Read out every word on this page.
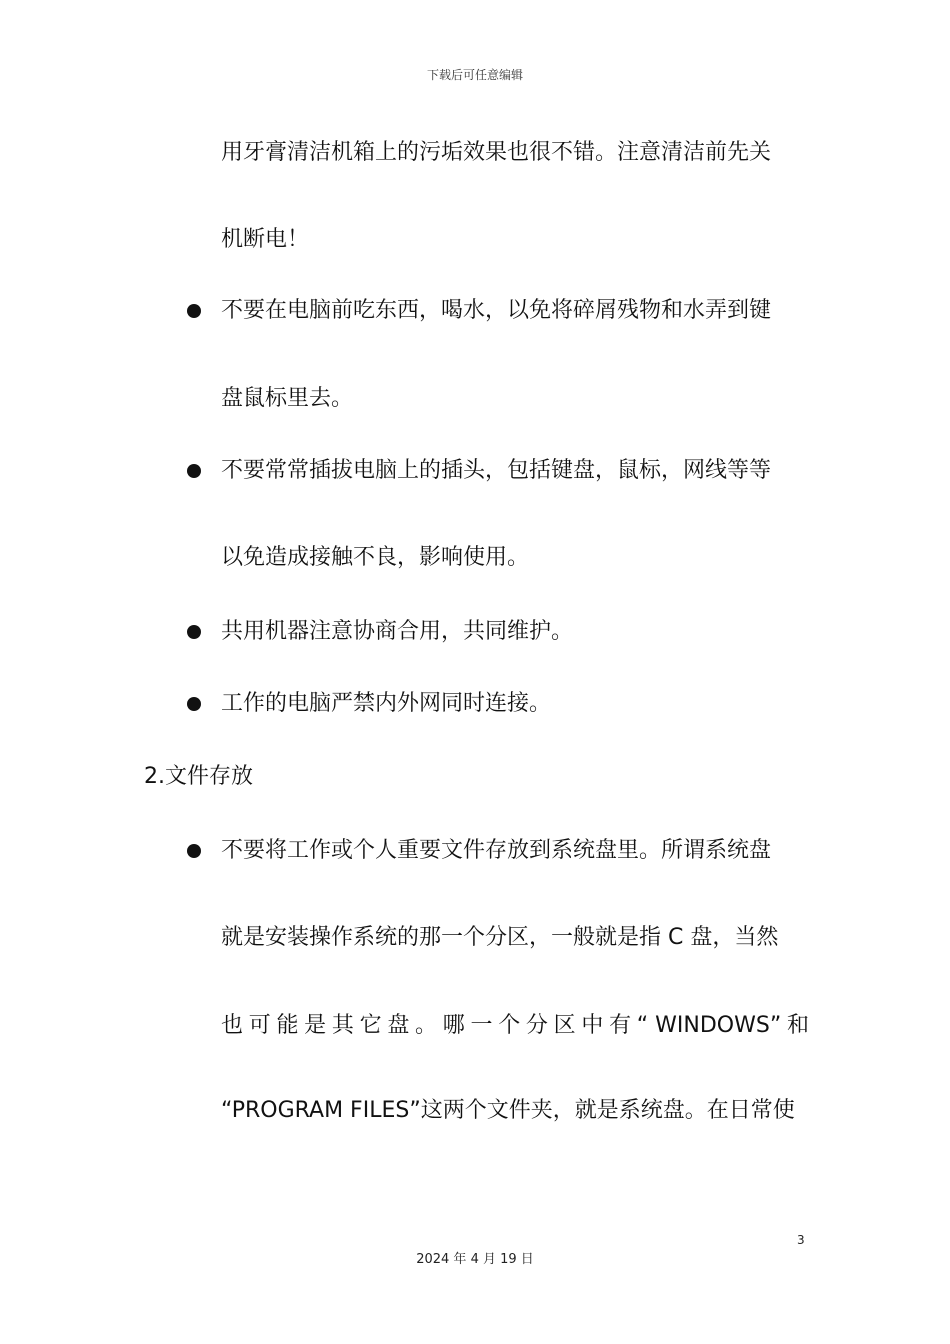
下载后可任意编辑
用牙膏清洁机箱上的污垢效果也很不错。注意清洁前先关
机断电！
不要在电脑前吃东西，喝水，以免将碎屑残物和水弄到键
盘鼠标里去。
不要常常插拔电脑上的插头，包括键盘，鼠标，网线等等
以免造成接触不良，影响使用。
共用机器注意协商合用，共同维护。
工作的电脑严禁内外网同时连接。
2.文件存放
不要将工作或个人重要文件存放到系统盘里。所谓系统盘
就是安装操作系统的那一个分区，一般就是指 C 盘，当然
也 可 能 是 其 它 盘 。 哪 一 个 分 区 中 有 “ WINDOWS” 和
“PROGRAM FILES”这两个文件夹，就是系统盘。在日常使
3
2024 年 4 月 19 日
